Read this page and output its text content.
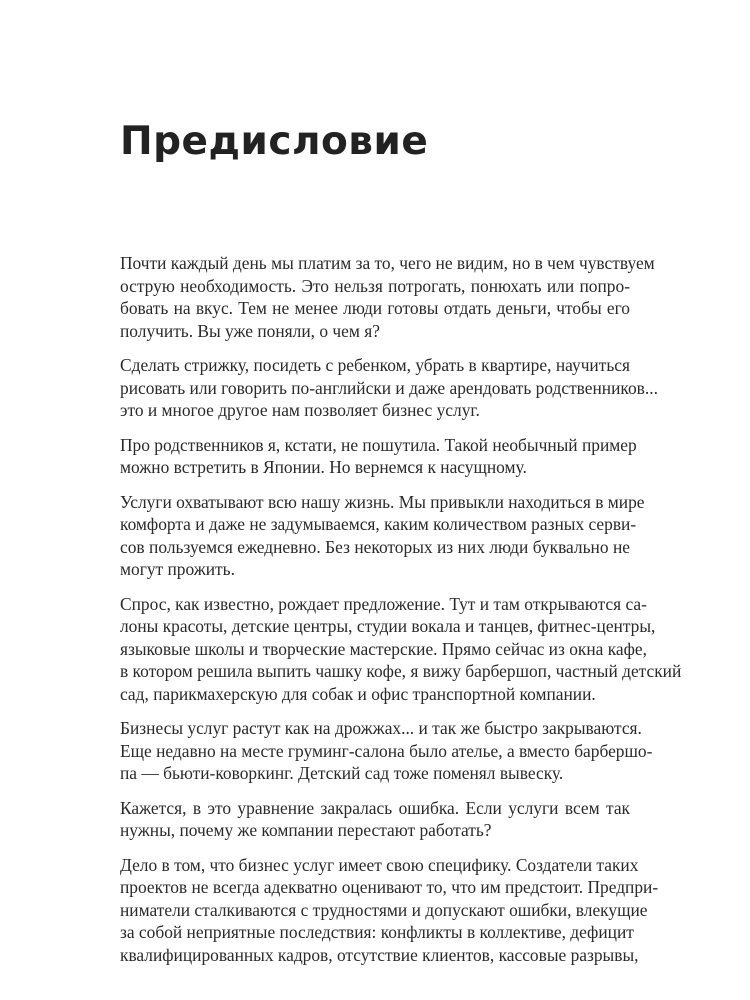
Предисловие

Почти каждый день мы платим за то, чего не видим, но в чем чувствуем
острую необходимость. Это нельзя потрогать, понюхать или попро-
бовать на вкус. Тем не менее люди готовы отдать деньги, чтобы его
получить. Вы уже поняли, о чем я?

Сделать стрижку, посидеть с ребенком, убрать в квартире, научиться
рисовать или говорить по-английски и даже арендовать родственников...
это и многое другое нам позволяет бизнес услуг.

Про родственников я, кстати, не пошутила. Такой необычный пример
можно встретить в Японии. Но вернемся к насущному.

Услуги охватывают всю нашу жизнь. Мы привыкли находиться в мире
комфорта и даже не задумываемся, каким количеством разных серви-
сов пользуемся ежедневно. Без некоторых из них люди буквально не
могут прожить.

Спрос, как известно, рождает предложение. Тут и там открываются са-
лоны красоты, детские центры, студии вокала и танцев, фитнес-центры,
языковые школы и творческие мастерские. Прямо сейчас из окна кафе,
в котором решила выпить чашку кофе, я вижу барбершоп, частный детский
сад, парикмахерскую для собак и офис транспортной компании.

Бизнесы услуг растут как на дрожжах... и так же быстро закрываются.
Еще недавно на месте груминг-салона было ателье, а вместо барбершо-
па — бьюти-коворкинг. Детский сад тоже поменял вывеску.

Кажется, в это уравнение закралась ошибка. Если услуги всем так
нужны, почему же компании перестают работать?

Дело в том, что бизнес услуг имеет свою специфику. Создатели таких
проектов не всегда адекватно оценивают то, что им предстоит. Предпри-
ниматели сталкиваются с трудностями и допускают ошибки, влекущие
за собой неприятные последствия: конфликты в коллективе, дефицит
квалифицированных кадров, отсутствие клиентов, кассовые разрывы,
